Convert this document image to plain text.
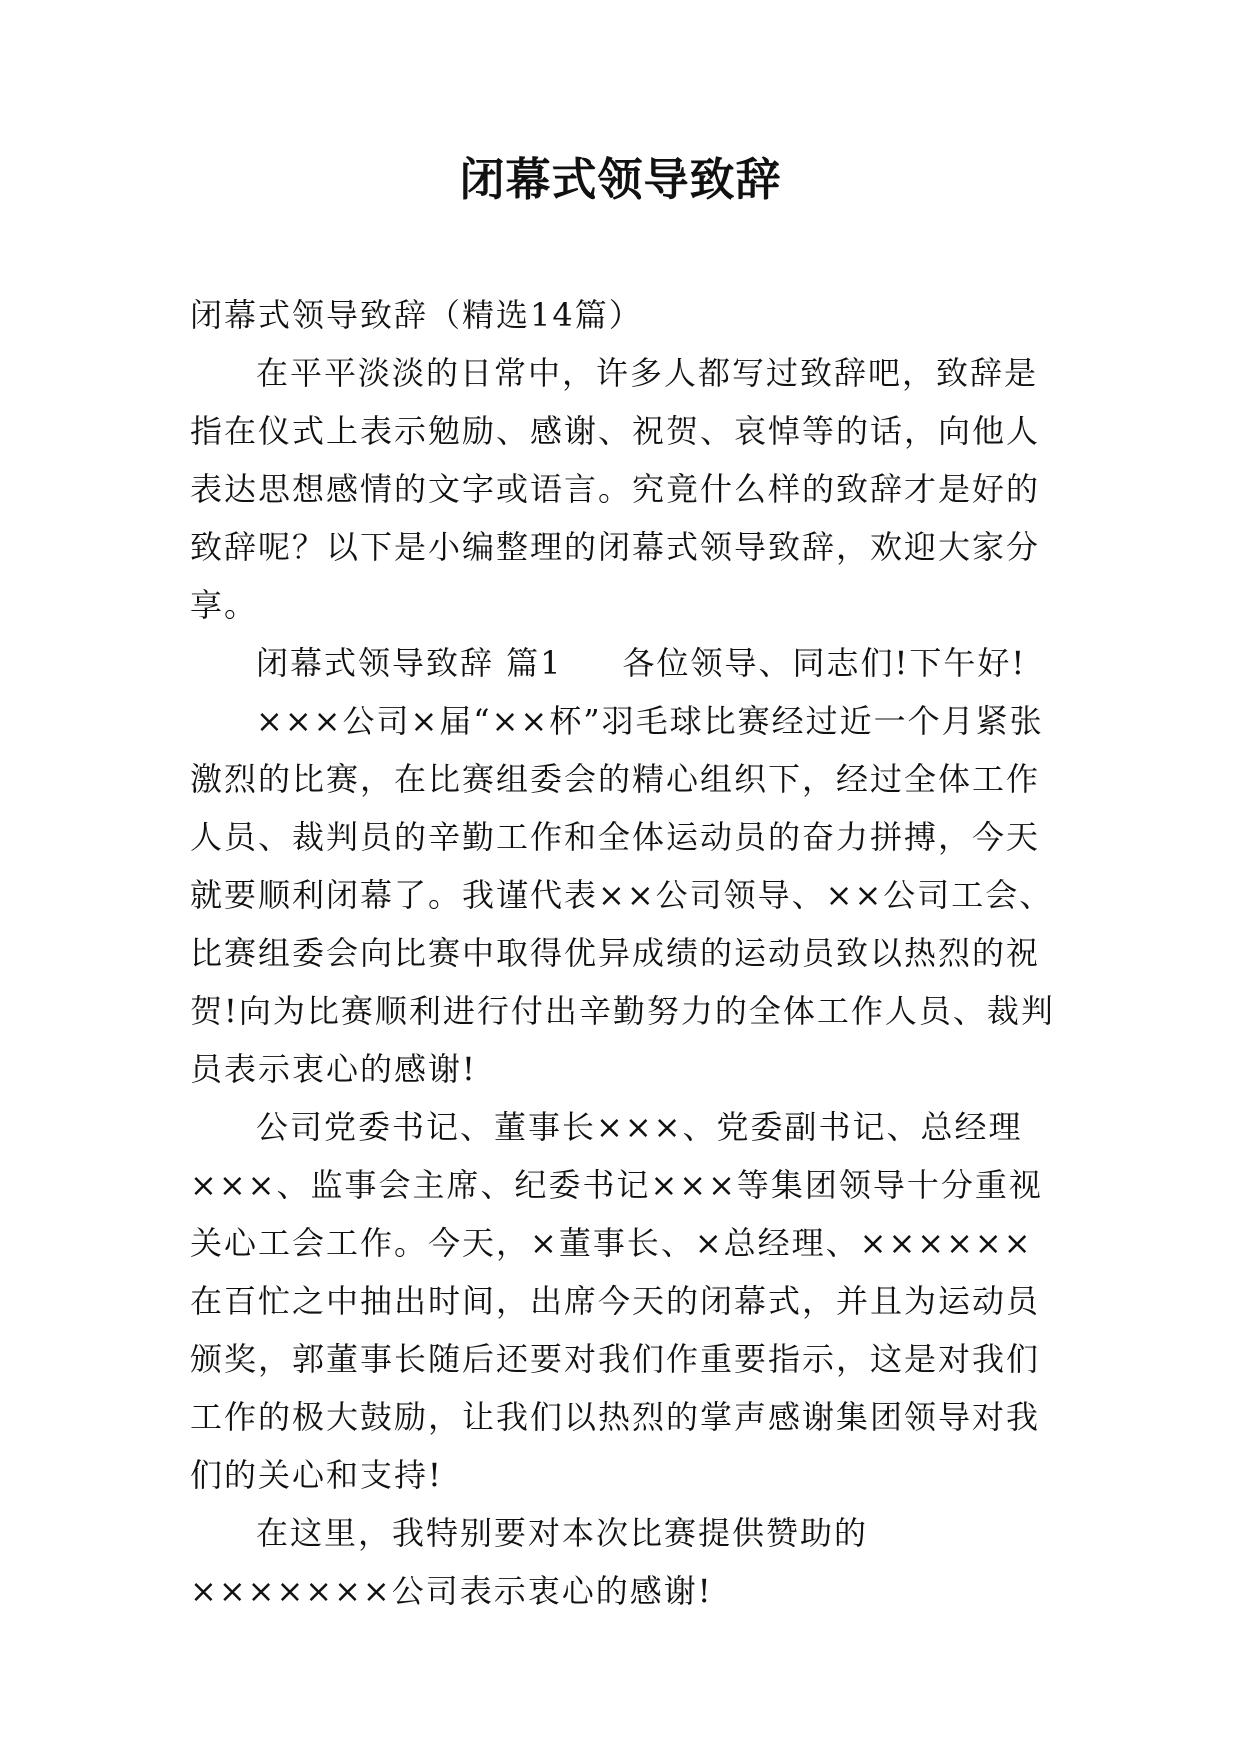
闭幕式领导致辞

闭幕式领导致辞（精选14篇）

在平平淡淡的日常中，许多人都写过致辞吧，致辞是指在仪式上表示勉励、感谢、祝贺、哀悼等的话，向他人表达思想感情的文字或语言。究竟什么样的致辞才是好的致辞呢？以下是小编整理的闭幕式领导致辞，欢迎大家分享。

闭幕式领导致辞 篇1 各位领导、同志们!下午好!

×××公司×届“××杯”羽毛球比赛经过近一个月紧张激烈的比赛，在比赛组委会的精心组织下，经过全体工作人员、裁判员的辛勤工作和全体运动员的奋力拼搏，今天就要顺利闭幕了。我谨代表××公司领导、××公司工会、比赛组委会向比赛中取得优异成绩的运动员致以热烈的祝贺!向为比赛顺利进行付出辛勤努力的全体工作人员、裁判员表示衷心的感谢!

公司党委书记、董事长×××、党委副书记、总经理×××、监事会主席、纪委书记×××等集团领导十分重视关心工会工作。今天，×董事长、×总经理、××××××在百忙之中抽出时间，出席今天的闭幕式，并且为运动员颁奖，郭董事长随后还要对我们作重要指示，这是对我们工作的极大鼓励，让我们以热烈的掌声感谢集团领导对我们的关心和支持!

在这里，我特别要对本次比赛提供赞助的×××××××公司表示衷心的感谢!
